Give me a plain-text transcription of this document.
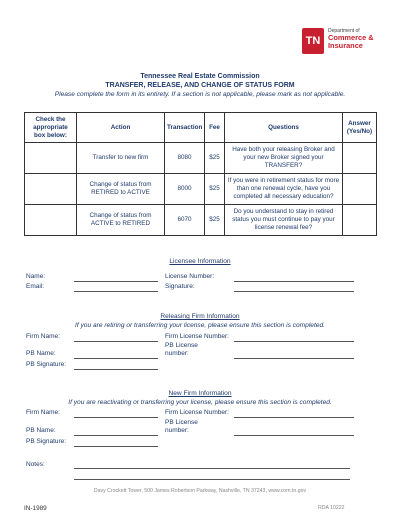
TN
Department of
Commerce &
Insurance
Tennessee Real Estate Commission
TRANSFER, RELEASE, AND CHANGE OF STATUS FORM
Please complete the form in its entirety. If a section is not applicable, please mark as not applicable.
Check the appropriate box below:	Action	Transaction	Fee	Questions	Answer (Yes/No)
	Transfer to new firm	8080	$25	Have both your releasing Broker and your new Broker signed your TRANSFER?	
	Change of status from RETIRED to ACTIVE	8000	$25	If you were in retirement status for more than one renewal cycle, have you completed all necessary education?	
	Change of status from ACTIVE to RETIRED	6070	$25	Do you understand to stay in retired status you must continue to pay your license renewal fee?	
Licensee Information
Name:	License Number:
Email:	Signature:
Releasing Firm Information
If you are retiring or transferring your license, please ensure this section is completed.
Firm Name:	Firm License Number:
PB License
PB Name:	number:
PB Signature:
New Firm Information
If you are reactivating or transferring your license, please ensure this section is completed.
Firm Name:	Firm License Number:
PB License
PB Name:	number:
PB Signature:
Notes:
Davy Crockett Tower, 500 James Robertson Parkway, Nashville, TN 37243, www.com.tn.gov
IN-1989	RDA 10222
